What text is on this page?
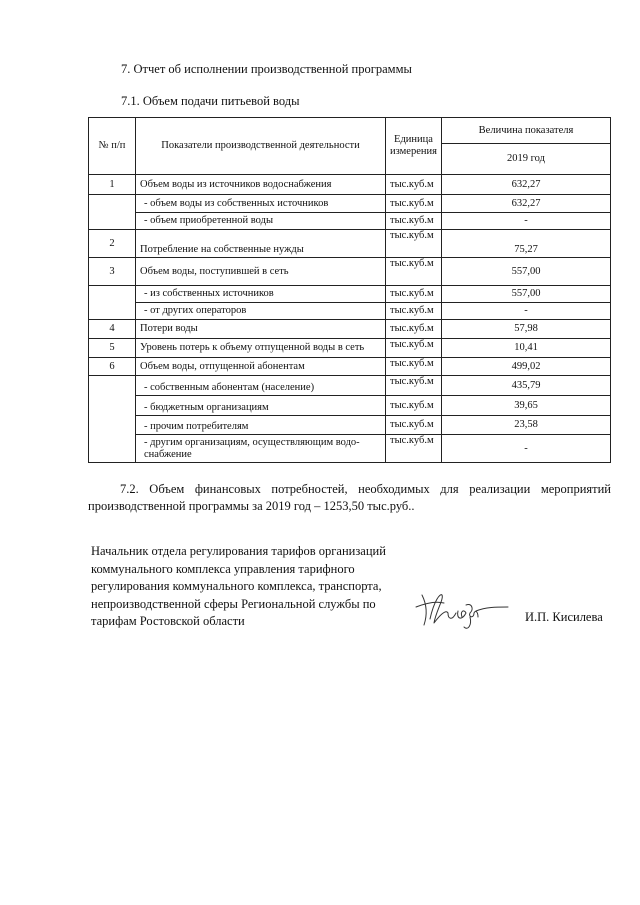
7. Отчет об исполнении производственной программы
7.1. Объем подачи питьевой воды
№ п/п	Показатели производственной деятельности	Единица измерения	Величина показателя
			2019 год
1	Объем воды из источников водоснабжения	тыс.куб.м	632,27
	- объем воды из собственных источников	тыс.куб.м	632,27
	- объем приобретенной воды	тыс.куб.м	-
2	Потребление на собственные нужды	тыс.куб.м	75,27
3	Объем воды, поступившей в сеть	тыс.куб.м	557,00
	- из собственных источников	тыс.куб.м	557,00
	- от других операторов	тыс.куб.м	-
4	Потери воды	тыс.куб.м	57,98
5	Уровень потерь к объему отпущенной воды в сеть	тыс.куб.м	10,41
6	Объем воды, отпущенной абонентам	тыс.куб.м	499,02
	- собственным абонентам (население)	тыс.куб.м	435,79
	- бюджетным организациям	тыс.куб.м	39,65
	- прочим потребителям	тыс.куб.м	23,58
	- другим организациям, осуществляющим водо-снабжение	тыс.куб.м	-
7.2. Объем финансовых потребностей, необходимых для реализации мероприятий производственной программы за 2019 год – 1253,50 тыс.руб..
Начальник отдела регулирования тарифов организаций
коммунального комплекса управления тарифного
регулирования коммунального комплекса, транспорта,
непроизводственной сферы Региональной службы по
тарифам Ростовской области	И.П. Кисилева
